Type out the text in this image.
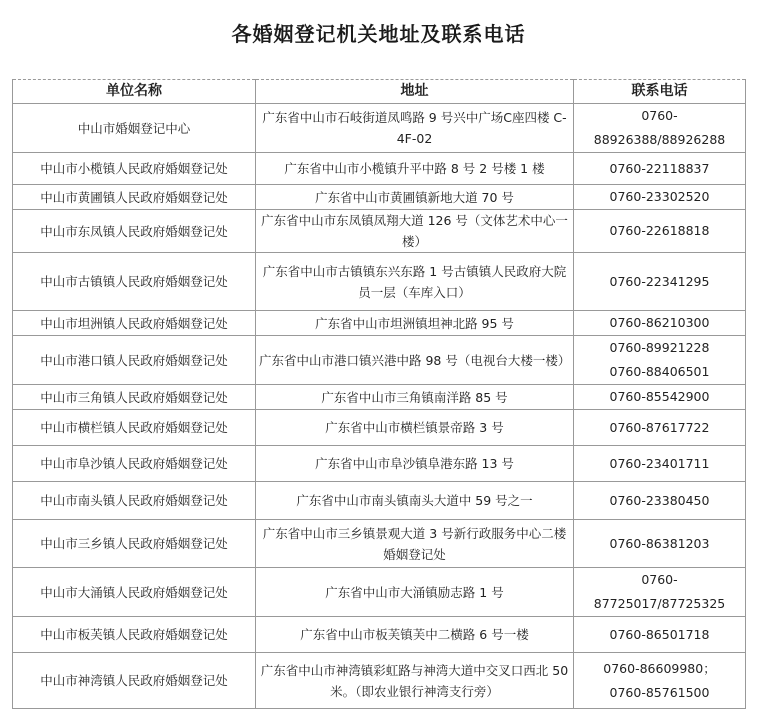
各婚姻登记机关地址及联系电话
单位名称	地址	联系电话
中山市婚姻登记中心	广东省中山市石岐街道凤鸣路 9 号兴中广场C座四楼 C-4F-02	0760-88926388/88926288

中山市小榄镇人民政府婚姻登记处	广东省中山市小榄镇升平中路 8 号 2 号楼 1 楼	0760-22118837

中山市黄圃镇人民政府婚姻登记处	广东省中山市黄圃镇新地大道 70 号	0760-23302520

中山市东凤镇人民政府婚姻登记处	广东省中山市东凤镇凤翔大道 126 号（文体艺术中心一楼）	0760-22618818

中山市古镇镇人民政府婚姻登记处	广东省中山市古镇镇东兴东路 1 号古镇镇人民政府大院员一层（车库入口）	0760-22341295

中山市坦洲镇人民政府婚姻登记处	广东省中山市坦洲镇坦神北路 95 号	0760-86210300

中山市港口镇人民政府婚姻登记处	广东省中山市港口镇兴港中路 98 号（电视台大楼一楼）	0760-89921228
0760-88406501

中山市三角镇人民政府婚姻登记处	广东省中山市三角镇南洋路 85 号	0760-85542900

中山市横栏镇人民政府婚姻登记处	广东省中山市横栏镇景帝路 3 号	0760-87617722

中山市阜沙镇人民政府婚姻登记处	广东省中山市阜沙镇阜港东路 13 号	0760-23401711

中山市南头镇人民政府婚姻登记处	广东省中山市南头镇南头大道中 59 号之一	0760-23380450

中山市三乡镇人民政府婚姻登记处	广东省中山市三乡镇景观大道 3 号新行政服务中心二楼婚姻登记处	0760-86381203

中山市大涌镇人民政府婚姻登记处	广东省中山市大涌镇励志路 1 号	0760-87725017/87725325

中山市板芙镇人民政府婚姻登记处	广东省中山市板芙镇芙中二横路 6 号一楼	0760-86501718

中山市神湾镇人民政府婚姻登记处	广东省中山市神湾镇彩虹路与神湾大道中交叉口西北 50 米。（即农业银行神湾支行旁）	0760-86609980；
0760-85761500
